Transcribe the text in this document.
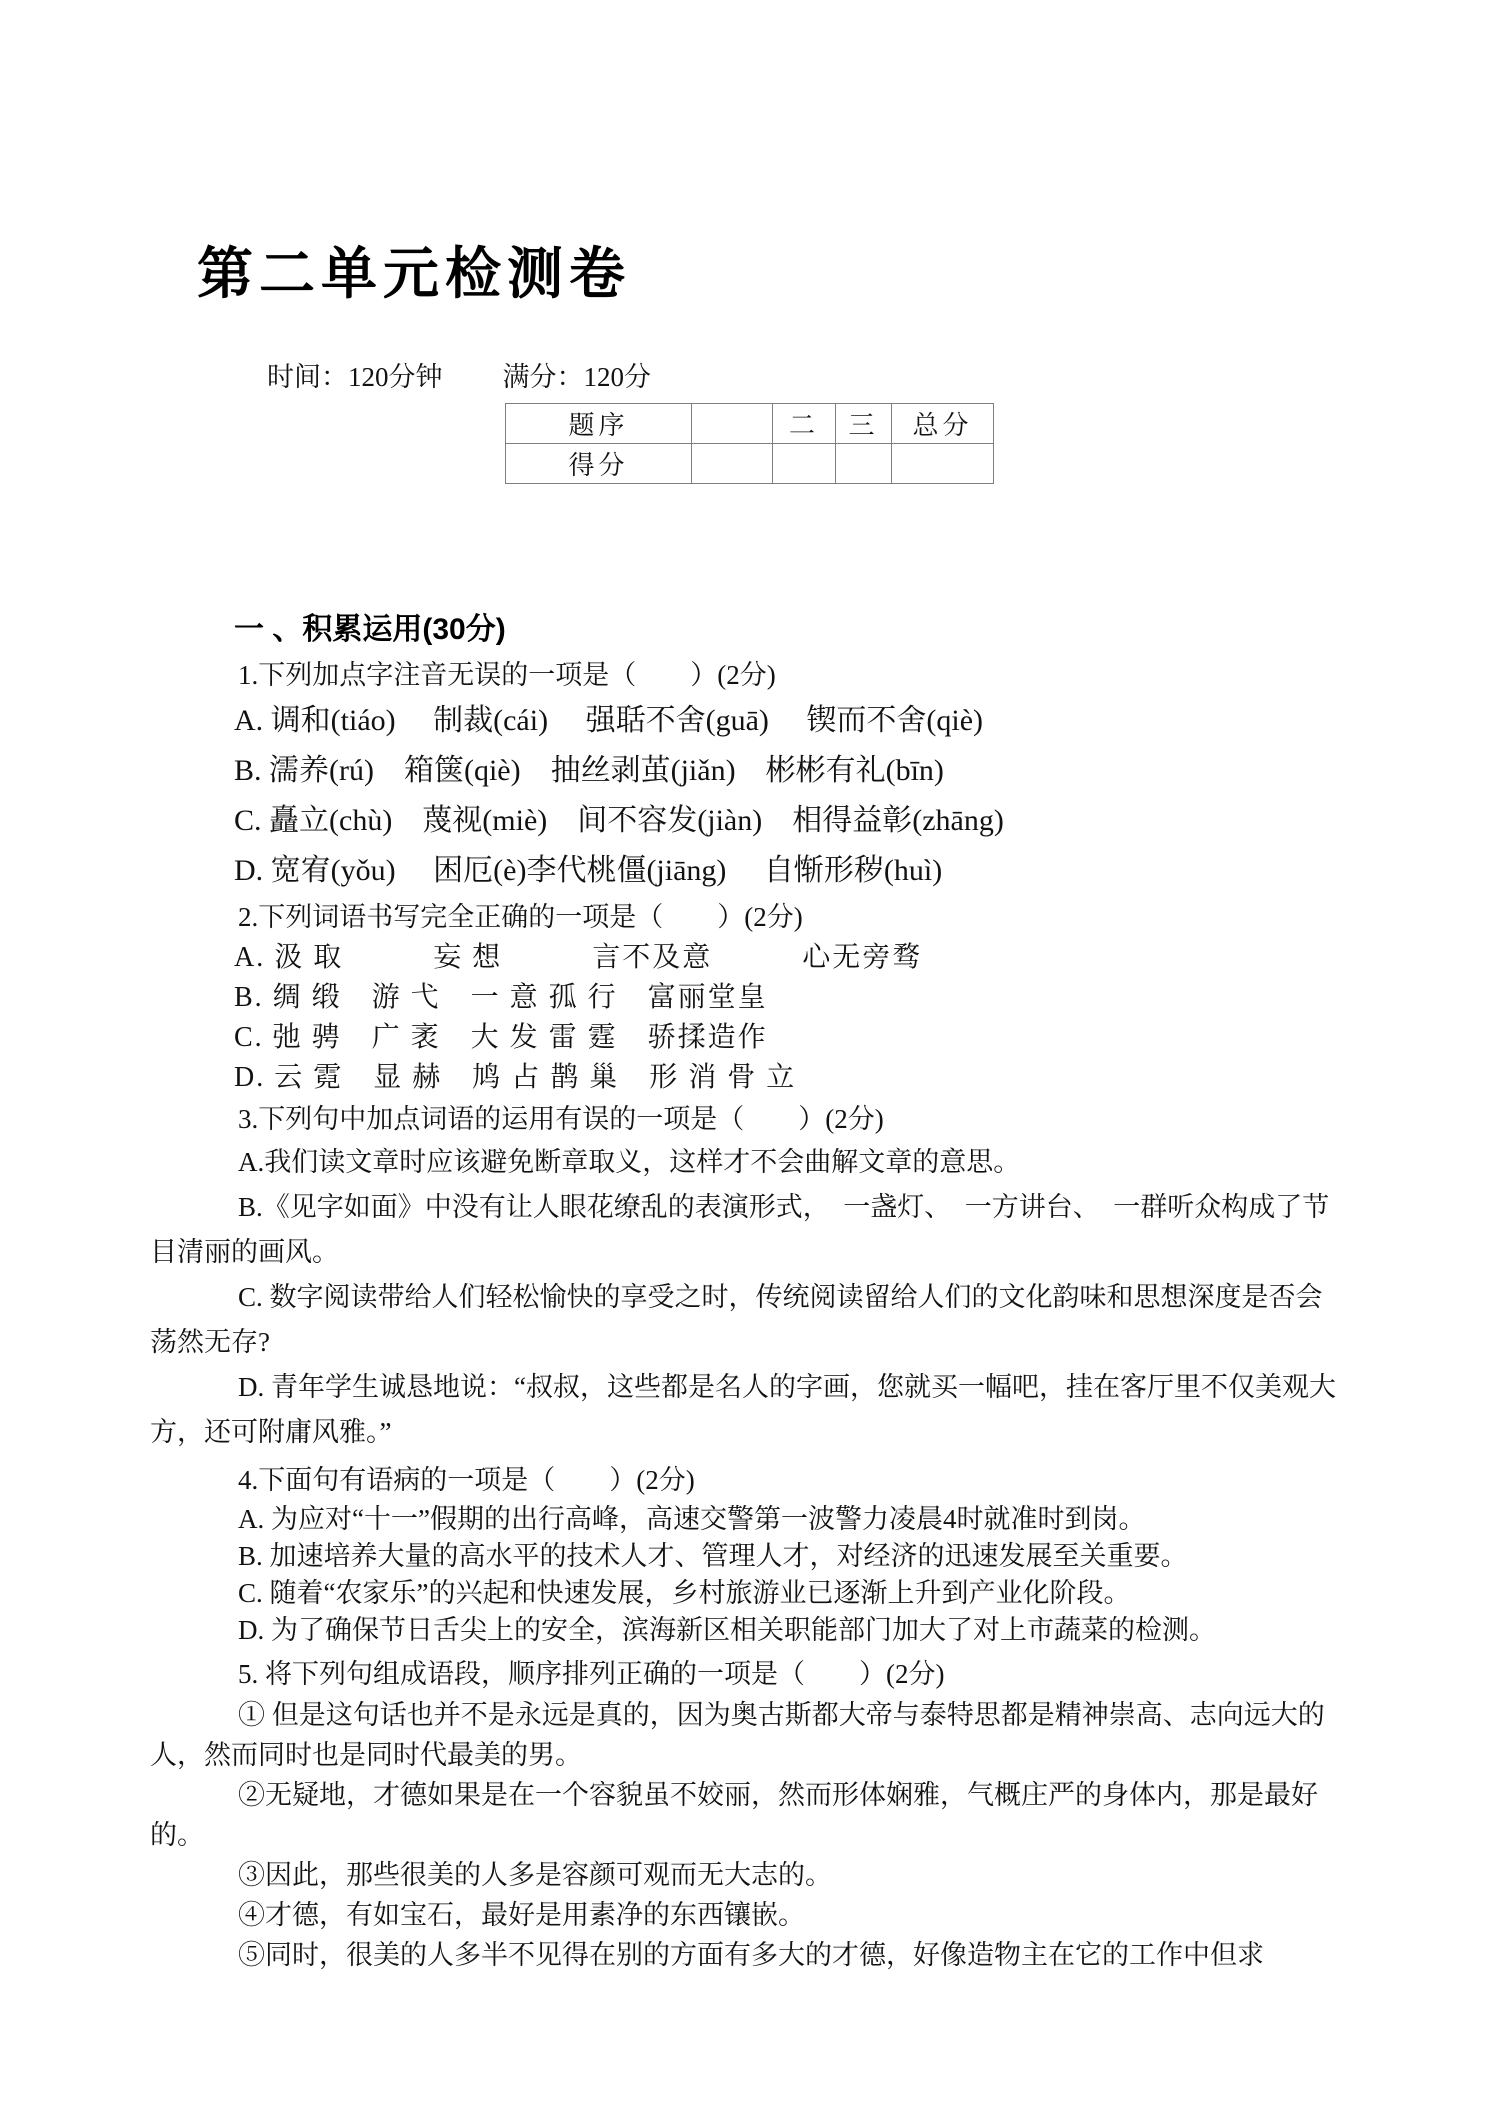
第二单元检测卷
时间：120分钟 满分：120分
题序		二	三	总分
得分				
一 、积累运用(30分)

1.下列加点字注音无误的一项是（　　）(2分)

A. 调和(tiáo)　 制裁(cái)　 强聒不舍(guā)　 锲而不舍(qiè)

B. 濡养(rú)　箱箧(qiè)　抽丝剥茧(jiǎn)　彬彬有礼(bīn)

C. 矗立(chù)　蔑视(miè)　间不容发(jiàn)　相得益彰(zhāng)

D. 宽宥(yǒu)　 困厄(è)李代桃僵(jiāng)　 自惭形秽(huì)

2.下列词语书写完全正确的一项是（　　）(2分)

A. 汲 取　　　妄 想　　　言不及意　　　心无旁骛

B. 绸 缎　游 弋　一 意 孤 行　富丽堂皇

C. 弛 骋　广 袤　大 发 雷 霆　骄揉造作

D. 云 霓　显 赫　鸠 占 鹊 巢　形 消 骨 立

3.下列句中加点词语的运用有误的一项是（　　）(2分)

A.我们读文章时应该避免断章取义，这样才不会曲解文章的意思。

B.《见字如面》中没有让人眼花缭乱的表演形式，　一盏灯、　一方讲台、　一群听众构成了节目清丽的画风。

C. 数字阅读带给人们轻松愉快的享受之时，传统阅读留给人们的文化韵味和思想深度是否会荡然无存?

D. 青年学生诚恳地说：“叔叔，这些都是名人的字画，您就买一幅吧，挂在客厅里不仅美观大方，还可附庸风雅。”

4.下面句有语病的一项是（　　）(2分)

A. 为应对“十一”假期的出行高峰，高速交警第一波警力凌晨4时就准时到岗。

B. 加速培养大量的高水平的技术人才、管理人才，对经济的迅速发展至关重要。

C. 随着“农家乐”的兴起和快速发展，乡村旅游业已逐渐上升到产业化阶段。

D. 为了确保节日舌尖上的安全，滨海新区相关职能部门加大了对上市蔬菜的检测。

5. 将下列句组成语段，顺序排列正确的一项是（　　）(2分)

① 但是这句话也并不是永远是真的，因为奥古斯都大帝与泰特思都是精神崇高、志向远大的人，然而同时也是同时代最美的男。

②无疑地，才德如果是在一个容貌虽不姣丽，然而形体娴雅，气概庄严的身体内，那是最好的。

③因此，那些很美的人多是容颜可观而无大志的。

④才德，有如宝石，最好是用素净的东西镶嵌。

⑤同时，很美的人多半不见得在别的方面有多大的才德，好像造物主在它的工作中但求
